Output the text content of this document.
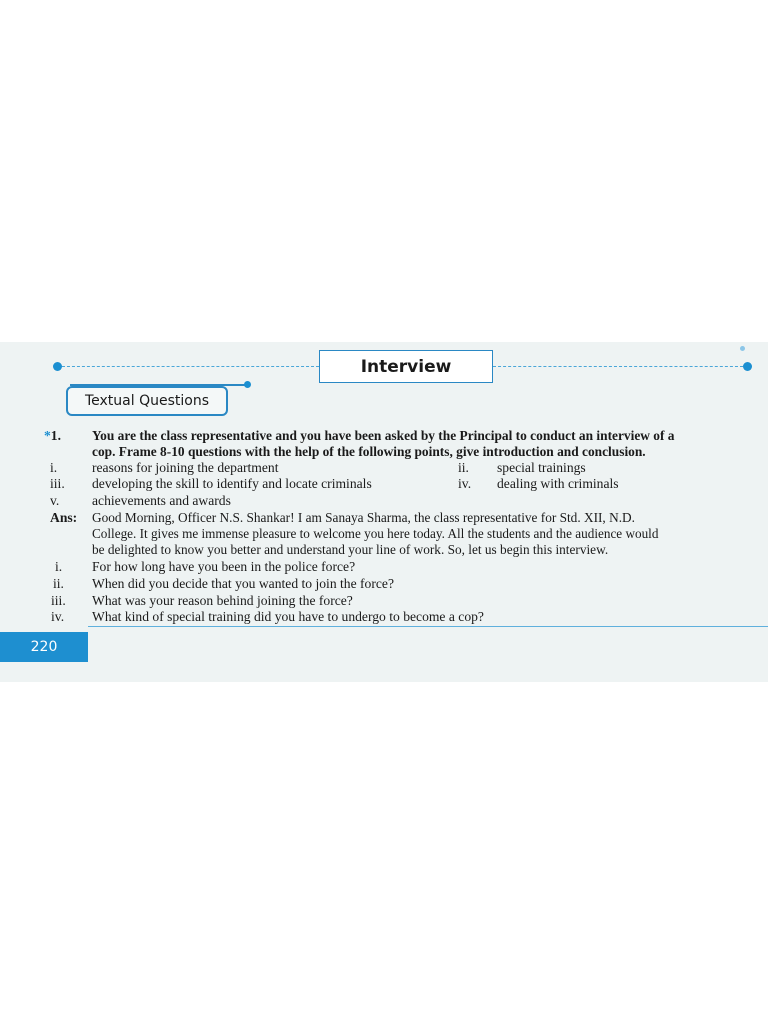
Interview
Textual Questions
*1. You are the class representative and you have been asked by the Principal to conduct an interview of a
cop. Frame 8-10 questions with the help of the following points, give introduction and conclusion.
i.	reasons for joining the department	ii. special trainings
iii. developing the skill to identify and locate criminals	iv. dealing with criminals
v. achievements and awards
Ans: Good Morning, Officer N.S. Shankar! I am Sanaya Sharma, the class representative for Std. XII, N.D.
College. It gives me immense pleasure to welcome you here today. All the students and the audience would
be delighted to know you better and understand your line of work. So, let us begin this interview.
i. For how long have you been in the police force?
ii. When did you decide that you wanted to join the force?
iii. What was your reason behind joining the force?
iv. What kind of special training did you have to undergo to become a cop?
220
